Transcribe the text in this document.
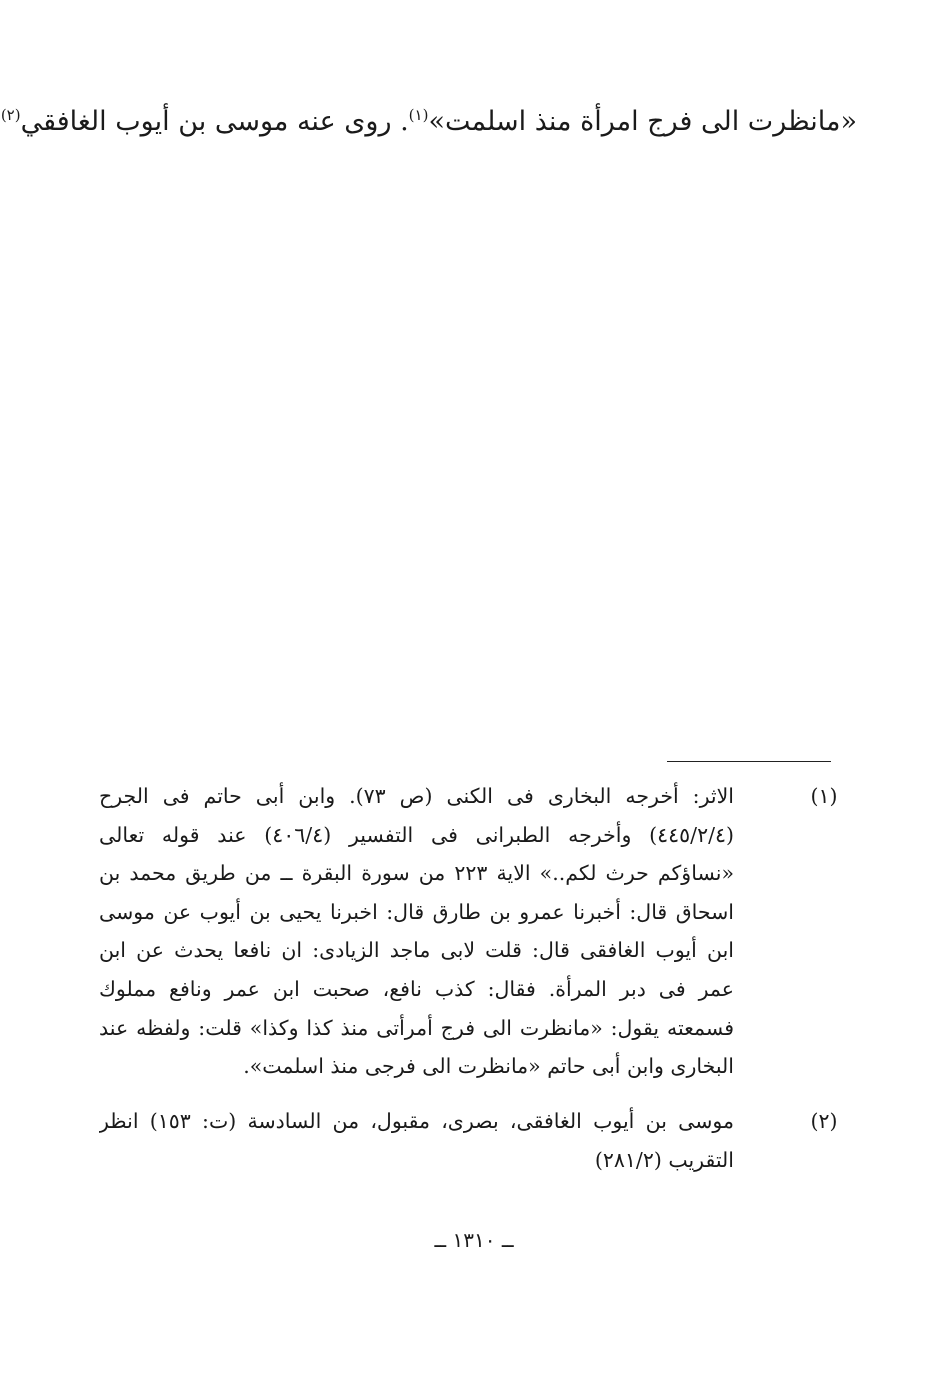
«مانظرت الى فرج امرأة منذ اسلمت»$^{(١)}$. روى عنه موسى بن أيوب الغافقي$^{(٢)}$
(١)
الاثر: أخرجه البخارى فى الكنى (ص ٧٣). وابن أبى حاتم فى الجرح
(٤٤٥/٢/٤) وأخرجه الطبرانى فى التفسير (٤٠٦/٤) عند قوله تعالى
«نساؤكم حرث لكم..» الاية ٢٢٣ من سورة البقرة ــ من طريق محمد بن
اسحاق قال: أخبرنا عمرو بن طارق قال: اخبرنا يحيى بن أيوب عن موسى
ابن أيوب الغافقى قال: قلت لابى ماجد الزيادى: ان نافعا يحدث عن ابن
عمر فى دبر المرأة. فقال: كذب نافع، صحبت ابن عمر ونافع مملوك
فسمعته يقول: «مانظرت الى فرج أمرأتى منذ كذا وكذا» قلت: ولفظه عند
البخارى وابن أبى حاتم «مانظرت الى فرجى منذ اسلمت».
(٢)
موسى بن أيوب الغافقى، بصرى، مقبول، من السادسة (ت: ١٥٣) انظر
التقريب (٢٨١/٢)
ــ ١٣١٠ ــ
